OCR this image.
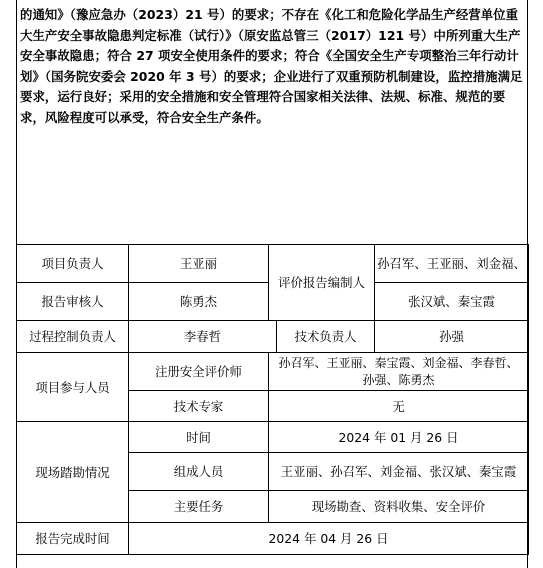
的通知》（豫应急办（2023）21 号）的要求；不存在《化工和危险化学品生产经营单位重
大生产安全事故隐患判定标准（试行）》（原安监总管三（2017）121 号）中所列重大生产
安全事故隐患；符合 27 项安全使用条件的要求；符合《全国安全生产专项整治三年行动计
划》（国务院安委会 2020 年 3 号）的要求；企业进行了双重预防机制建设，监控措施满足
要求，运行良好；采用的安全措施和安全管理符合国家相关法律、法规、标准、规范的要
求，风险程度可以承受，符合安全生产条件。

项目负责人	王亚丽	评价报告编制人		孙召军、王亚丽、刘金福、
报告审核人	陈勇杰			张汉斌、秦宝霞
过程控制负责人	李春哲		技术负责人	孙强
项目参与人员	注册安全评价师	孙召军、王亚丽、秦宝霞、刘金福、李春哲、
孙强、陈勇杰		

	技术专家	无		
现场踏勘情况	时间	2024 年 01 月 26 日		
	组成人员	王亚丽、孙召军、刘金福、张汉斌、秦宝霞		
	主要任务	现场勘查、资料收集、安全评价		
报告完成时间	2024 年 04 月 26 日			
